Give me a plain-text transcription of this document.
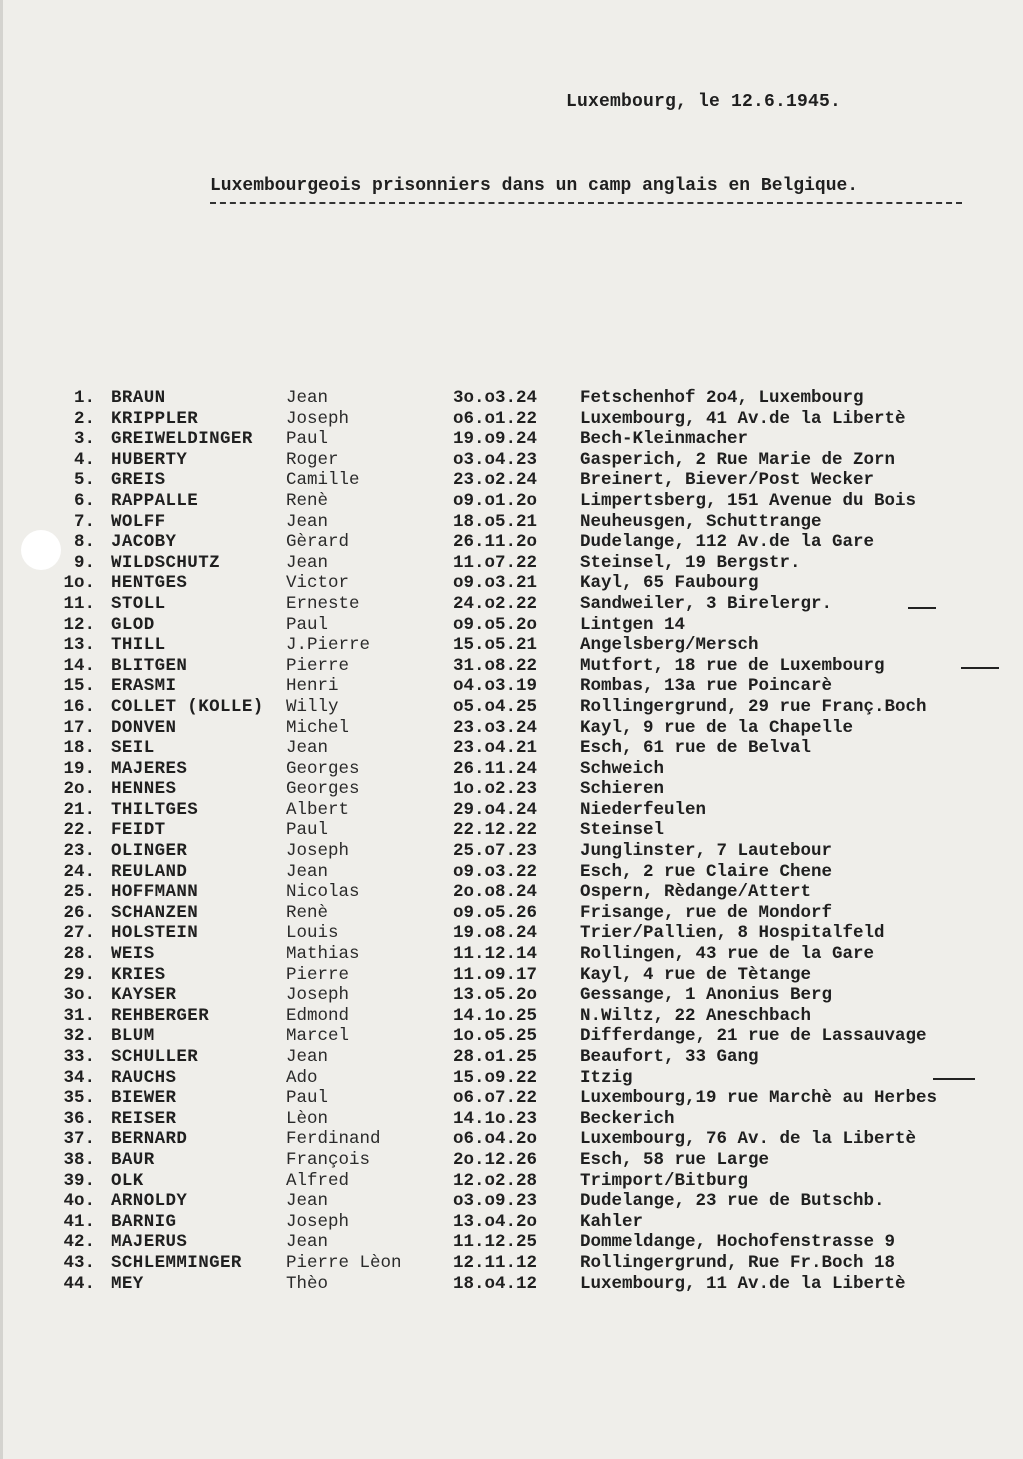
Luxembourg, le 12.6.1945.
Luxembourgeois prisonniers dans un camp anglais en Belgique.
1. BRAUN	Jean	3o.o3.24 Fetschenhof 2o4, Luxembourg
2. KRIPPLER	Joseph	o6.o1.22 Luxembourg, 41 Av.de la Libertè
3. GREIWELDINGER Paul	19.o9.24 Bech-Kleinmacher
4. HUBERTY	Roger	o3.o4.23 Gasperich, 2 Rue Marie de Zorn
5. GREIS	Camille	23.o2.24 Breinert, Biever/Post Wecker
6. RAPPALLE	Renè	o9.o1.2o Limpertsberg, 151 Avenue du Bois
7. WOLFF	Jean	18.o5.21 Neuheusgen, Schuttrange
8. JACOBY	Gèrard	26.11.2o Dudelange, 112 Av.de la Gare
9. WILDSCHUTZ	Jean	11.o7.22 Steinsel, 19 Bergstr.
1o. HENTGES	Victor	o9.o3.21 Kayl, 65 Faubourg
11. STOLL	Erneste	24.o2.22 Sandweiler, 3 Birelergr.
12. GLOD	Paul	o9.o5.2o Lintgen 14
13. THILL	J.Pierre	15.o5.21 Angelsberg/Mersch
14. BLITGEN	Pierre	31.o8.22 Mutfort, 18 rue de Luxembourg
15. ERASMI	Henri	o4.o3.19 Rombas, 13a rue Poincarè
16. COLLET (KOLLE) Willy	o5.o4.25 Rollingergrund, 29 rue Franç.Boch
17. DONVEN	Michel	23.o3.24 Kayl, 9 rue de la Chapelle
18. SEIL	Jean	23.o4.21 Esch, 61 rue de Belval
19. MAJERES	Georges	26.11.24 Schweich
2o. HENNES	Georges	1o.o2.23 Schieren
21. THILTGES	Albert	29.o4.24 Niederfeulen
22. FEIDT	Paul	22.12.22 Steinsel
23. OLINGER	Joseph	25.o7.23 Junglinster, 7 Lautebour
24. REULAND	Jean	o9.o3.22 Esch, 2 rue Claire Chene
25. HOFFMANN	Nicolas	2o.o8.24 Ospern, Rèdange/Attert
26. SCHANZEN	Renè	o9.o5.26 Frisange, rue de Mondorf
27. HOLSTEIN	Louis	19.o8.24 Trier/Pallien, 8 Hospitalfeld
28. WEIS	Mathias	11.12.14 Rollingen, 43 rue de la Gare
29. KRIES	Pierre	11.o9.17 Kayl, 4 rue de Tètange
3o. KAYSER	Joseph	13.o5.2o Gessange, 1 Anonius Berg
31. REHBERGER	Edmond	14.1o.25 N.Wiltz, 22 Aneschbach
32. BLUM	Marcel	1o.o5.25 Differdange, 21 rue de Lassauvage
33. SCHULLER	Jean	28.o1.25 Beaufort, 33 Gang
34. RAUCHS	Ado	15.o9.22 Itzig
35. BIEWER	Paul	o6.o7.22 Luxembourg,19 rue Marchè au Herbes
36. REISER	Lèon	14.1o.23 Beckerich
37. BERNARD	Ferdinand	o6.o4.2o Luxembourg, 76 Av. de la Libertè
38. BAUR	François	2o.12.26 Esch, 58 rue Large
39. OLK	Alfred	12.o2.28 Trimport/Bitburg
4o. ARNOLDY	Jean	o3.o9.23 Dudelange, 23 rue de Butschb.
41. BARNIG	Joseph	13.o4.2o Kahler
42. MAJERUS	Jean	11.12.25 Dommeldange, Hochofenstrasse 9
43. SCHLEMMINGER	Pierre Lèon	12.11.12 Rollingergrund, Rue Fr.Boch 18
44. MEY	Thèo	18.o4.12 Luxembourg, 11 Av.de la Libertè
